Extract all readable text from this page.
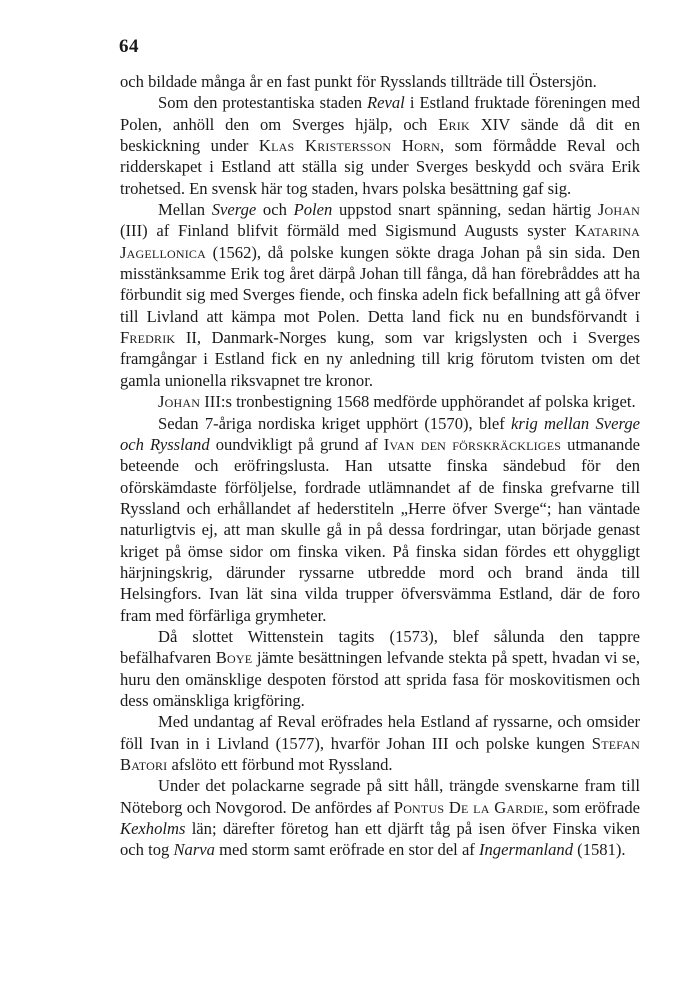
64

och bildade många år en fast punkt för Rysslands tillträde till Östersjön.

Som den protestantiska staden Reval i Estland fruktade föreningen med Polen, anhöll den om Sverges hjälp, och Erik XIV sände då dit en beskickning under Klas Kristersson Horn, som förmådde Reval och ridderskapet i Estland att ställa sig under Sverges beskydd och svära Erik trohetsed. En svensk här tog staden, hvars polska besättning gaf sig.

Mellan Sverge och Polen uppstod snart spänning, sedan härtig Johan (III) af Finland blifvit förmäld med Sigismund Augusts syster Katarina Jagellonica (1562), då polske kungen sökte draga Johan på sin sida. Den misstänksamme Erik tog året därpå Johan till fånga, då han förebråddes att ha förbundit sig med Sverges fiende, och finska adeln fick befallning att gå öfver till Livland att kämpa mot Polen. Detta land fick nu en bundsförvandt i Fredrik II, Danmark-Norges kung, som var krigslysten och i Sverges framgångar i Estland fick en ny anledning till krig förutom tvisten om det gamla unionella riksvapnet tre kronor.

Johan III:s tronbestigning 1568 medförde upphörandet af polska kriget.

Sedan 7-åriga nordiska kriget upphört (1570), blef krig mellan Sverge och Ryssland oundvikligt på grund af Ivan den förskräckliges utmanande beteende och eröfringslusta. Han utsatte finska sändebud för den oförskämdaste förföljelse, fordrade utlämnandet af de finska grefvarne till Ryssland och erhållandet af hederstiteln „Herre öfver Sverge“; han väntade naturligtvis ej, att man skulle gå in på dessa fordringar, utan började genast kriget på ömse sidor om finska viken. På finska sidan fördes ett ohyggligt härjningskrig, därunder ryssarne utbredde mord och brand ända till Helsingfors. Ivan lät sina vilda trupper öfversvämma Estland, där de foro fram med förfärliga grymheter.

Då slottet Wittenstein tagits (1573), blef sålunda den tappre befälhafvaren Boye jämte besättningen lefvande stekta på spett, hvadan vi se, huru den omänsklige despoten förstod att sprida fasa för moskovitismen och dess omänskliga krigföring.

Med undantag af Reval eröfrades hela Estland af ryssarne, och omsider föll Ivan in i Livland (1577), hvarför Johan III och polske kungen Stefan Batori afslöto ett förbund mot Ryssland.

Under det polackarne segrade på sitt håll, trängde svenskarne fram till Nöteborg och Novgorod. De anfördes af Pontus De la Gardie, som eröfrade Kexholms län; därefter företog han ett djärft tåg på isen öfver Finska viken och tog Narva med storm samt eröfrade en stor del af Ingermanland (1581).
